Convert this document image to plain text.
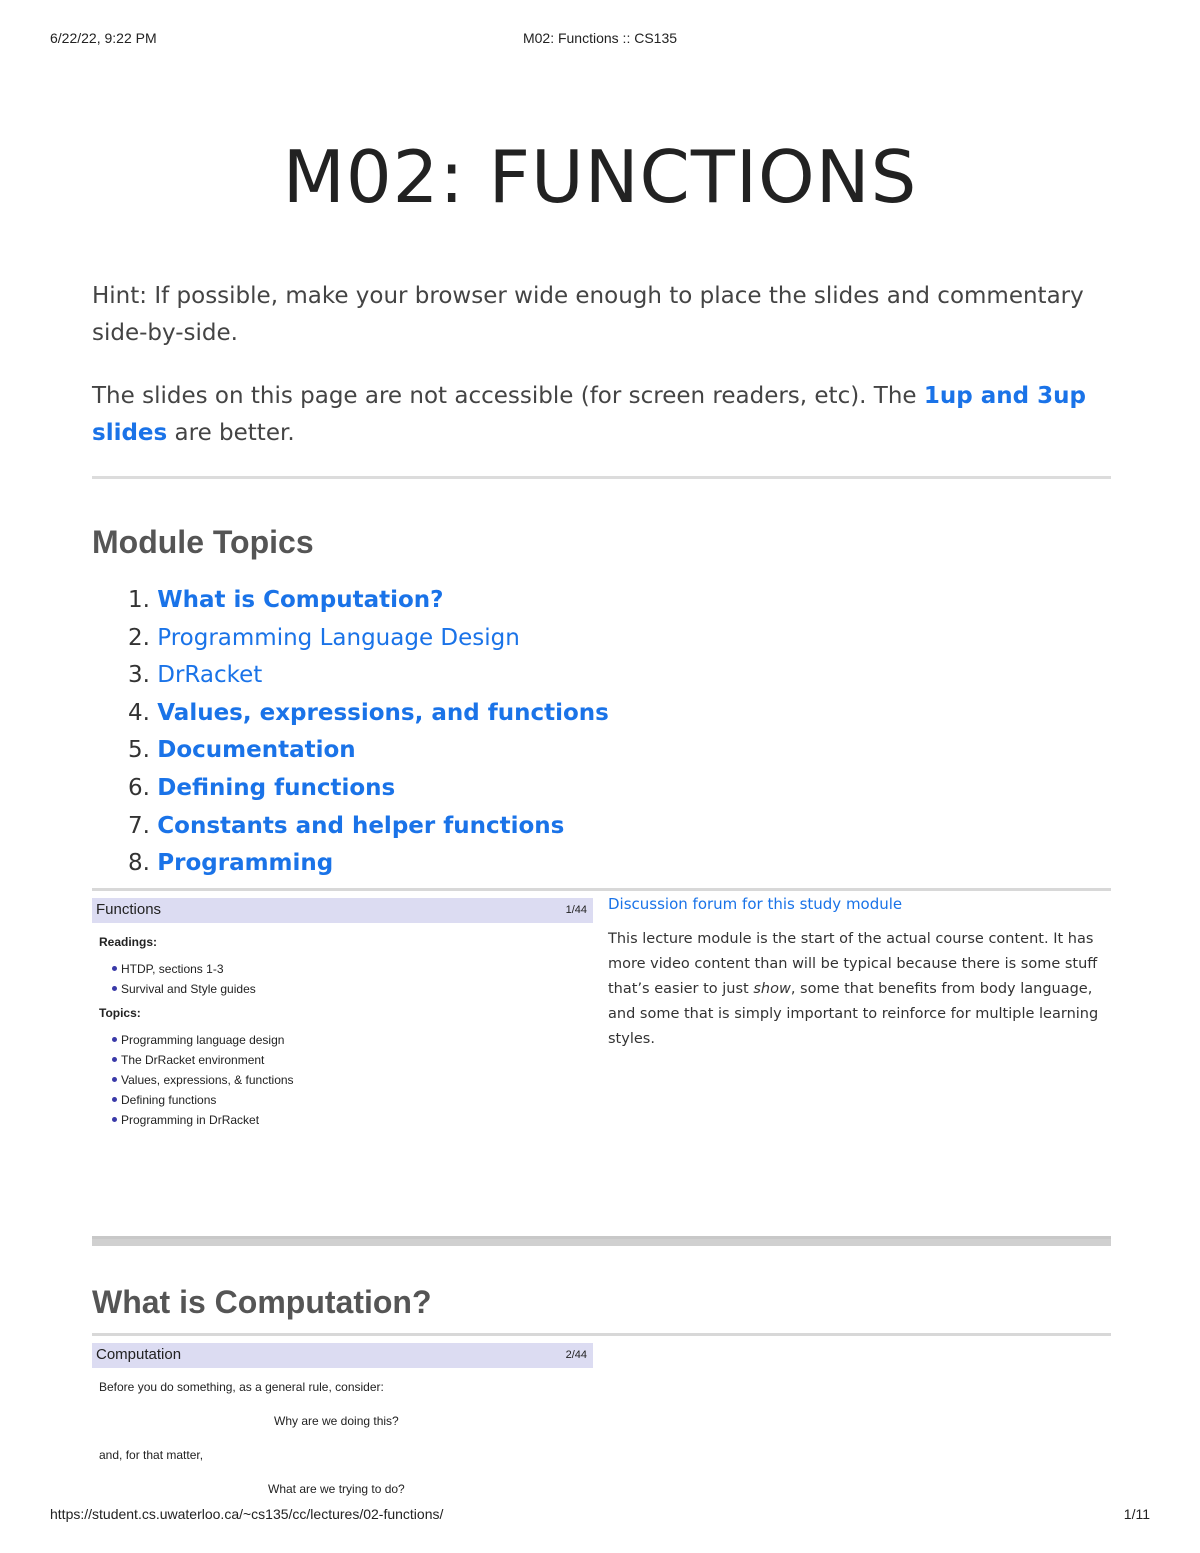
6/22/22, 9:22 PM	M02: Functions :: CS135
M02: FUNCTIONS
Hint: If possible, make your browser wide enough to place the slides and commentary side-by-side.
The slides on this page are not accessible (for screen readers, etc). The 1up and 3up slides are better.
Module Topics
1. What is Computation?
2. Programming Language Design
3. DrRacket
4. Values, expressions, and functions
5. Documentation
6. Defining functions
7. Constants and helper functions
8. Programming
Functions	1/44
Readings:
HTDP, sections 1-3
Survival and Style guides
Topics:
Programming language design
The DrRacket environment
Values, expressions, & functions
Defining functions
Programming in DrRacket
Discussion forum for this study module
This lecture module is the start of the actual course content. It has more video content than will be typical because there is some stuff that’s easier to just show, some that benefits from body language, and some that is simply important to reinforce for multiple learning styles.
What is Computation?
Computation	2/44
Before you do something, as a general rule, consider:
Why are we doing this?
and, for that matter,
What are we trying to do?
https://student.cs.uwaterloo.ca/~cs135/cc/lectures/02-functions/	1/11
